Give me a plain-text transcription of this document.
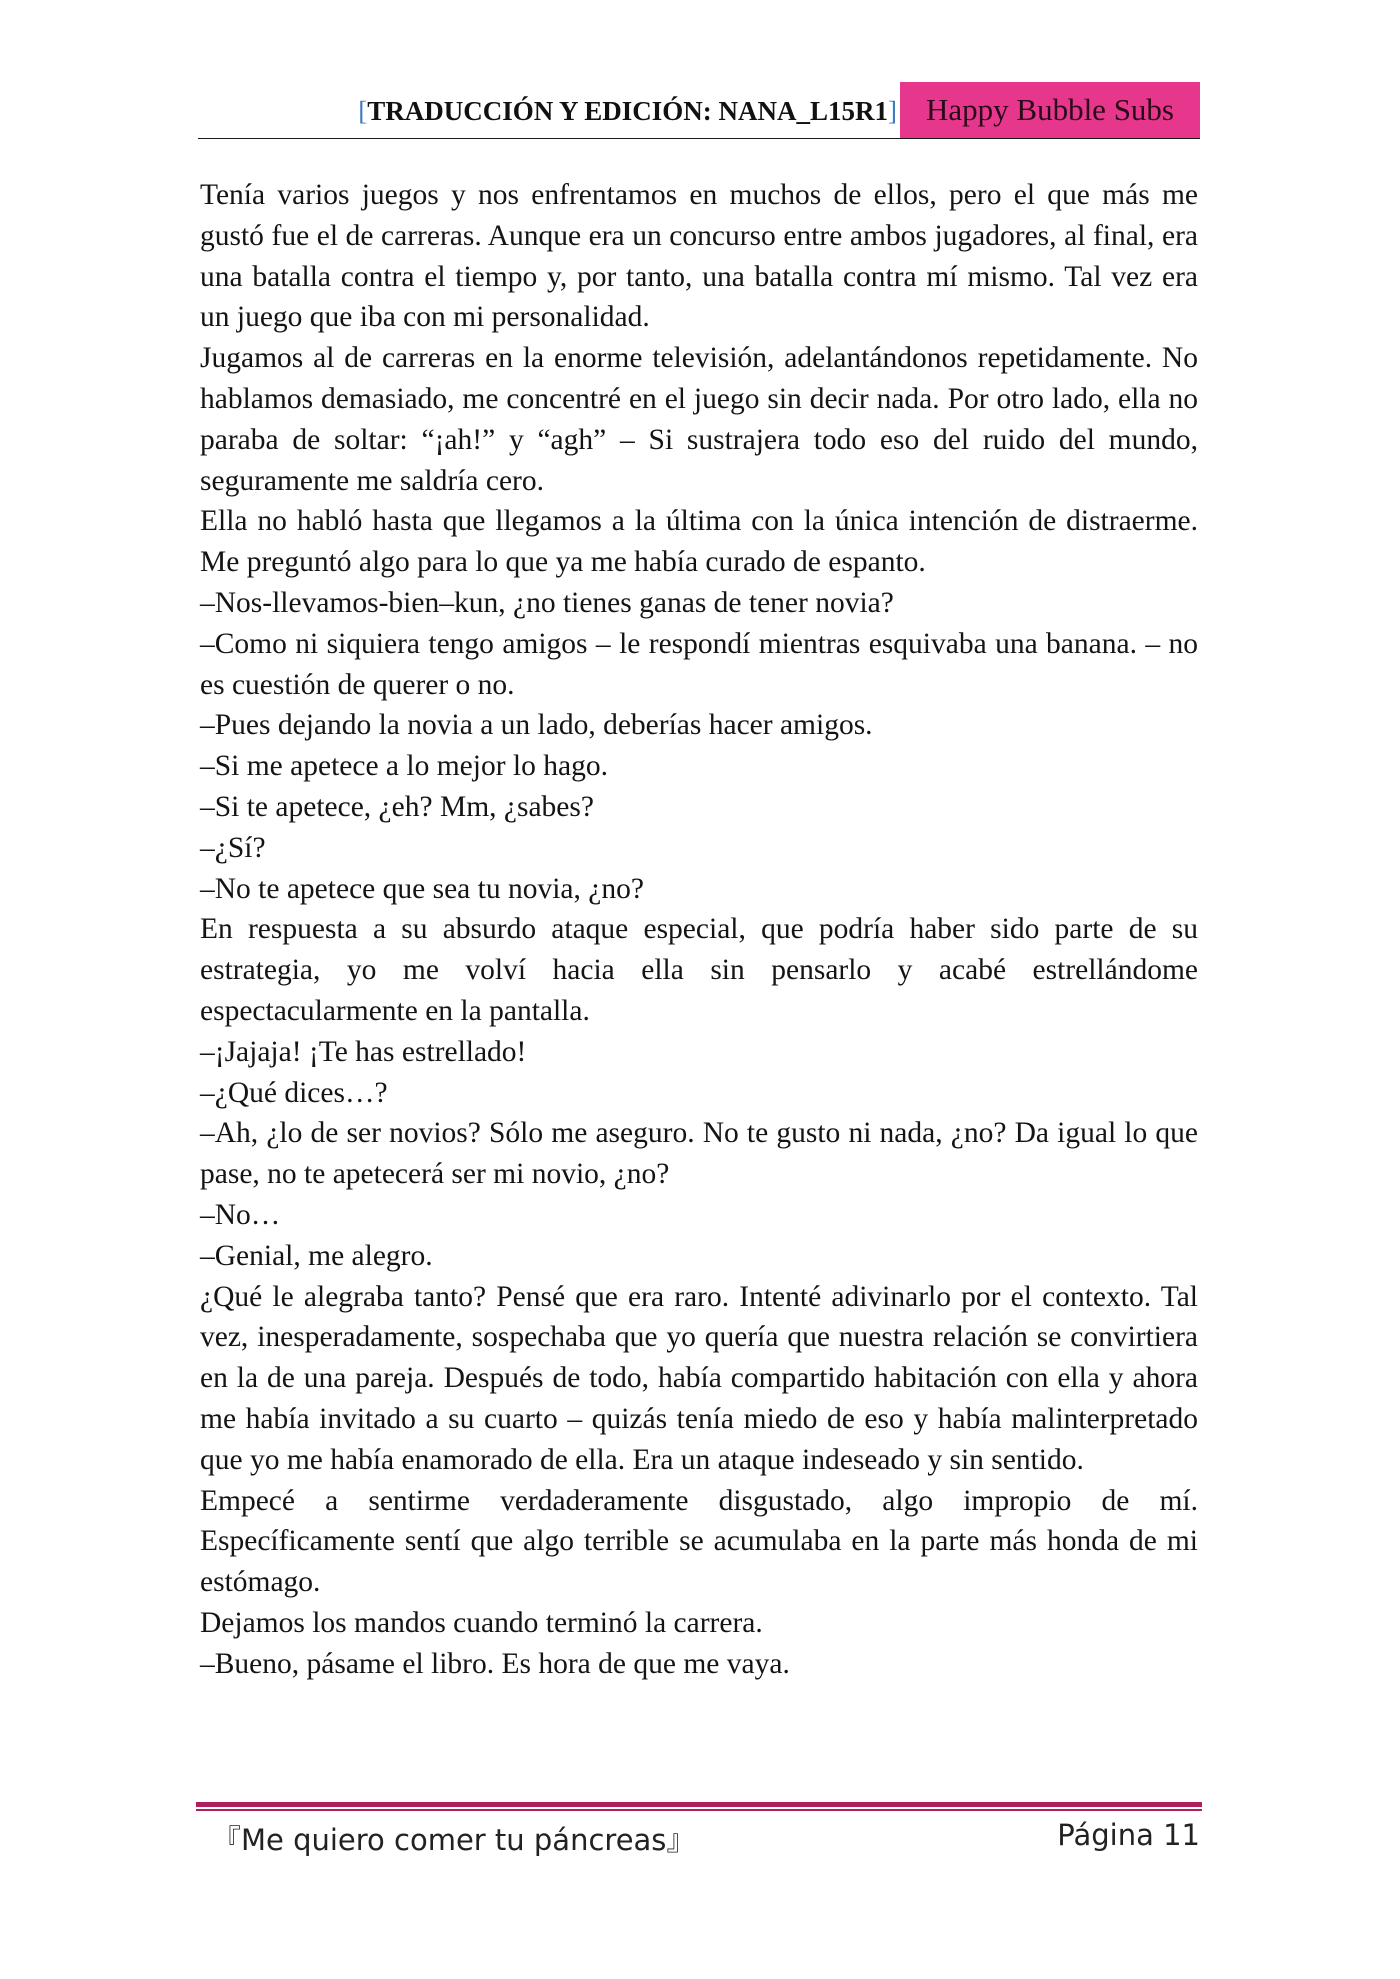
[TRADUCCIÓN Y EDICIÓN: NANA_L15R1] Happy Bubble Subs

Tenía varios juegos y nos enfrentamos en muchos de ellos, pero el que más me gustó fue el de carreras. Aunque era un concurso entre ambos jugadores, al final, era una batalla contra el tiempo y, por tanto, una batalla contra mí mismo. Tal vez era un juego que iba con mi personalidad.

Jugamos al de carreras en la enorme televisión, adelantándonos repetidamente. No hablamos demasiado, me concentré en el juego sin decir nada. Por otro lado, ella no paraba de soltar: “¡ah!” y “agh” – Si sustrajera todo eso del ruido del mundo, seguramente me saldría cero.

Ella no habló hasta que llegamos a la última con la única intención de distraerme. Me preguntó algo para lo que ya me había curado de espanto.

–Nos-llevamos-bien–kun, ¿no tienes ganas de tener novia?

–Como ni siquiera tengo amigos – le respondí mientras esquivaba una banana. – no es cuestión de querer o no.

–Pues dejando la novia a un lado, deberías hacer amigos.

–Si me apetece a lo mejor lo hago.

–Si te apetece, ¿eh? Mm, ¿sabes?

–¿Sí?

–No te apetece que sea tu novia, ¿no?

En respuesta a su absurdo ataque especial, que podría haber sido parte de su estrategia, yo me volví hacia ella sin pensarlo y acabé estrellándome espectacularmente en la pantalla.

–¡Jajaja! ¡Te has estrellado!

–¿Qué dices…?

–Ah, ¿lo de ser novios? Sólo me aseguro. No te gusto ni nada, ¿no? Da igual lo que pase, no te apetecerá ser mi novio, ¿no?

–No…

–Genial, me alegro.

¿Qué le alegraba tanto? Pensé que era raro. Intenté adivinarlo por el contexto. Tal vez, inesperadamente, sospechaba que yo quería que nuestra relación se convirtiera en la de una pareja. Después de todo, había compartido habitación con ella y ahora me había invitado a su cuarto – quizás tenía miedo de eso y había malinterpretado que yo me había enamorado de ella. Era un ataque indeseado y sin sentido.

Empecé a sentirme verdaderamente disgustado, algo impropio de mí. Específicamente sentí que algo terrible se acumulaba en la parte más honda de mi estómago.

Dejamos los mandos cuando terminó la carrera.

–Bueno, pásame el libro. Es hora de que me vaya.

『Me quiero comer tu páncreas』	Página 11
